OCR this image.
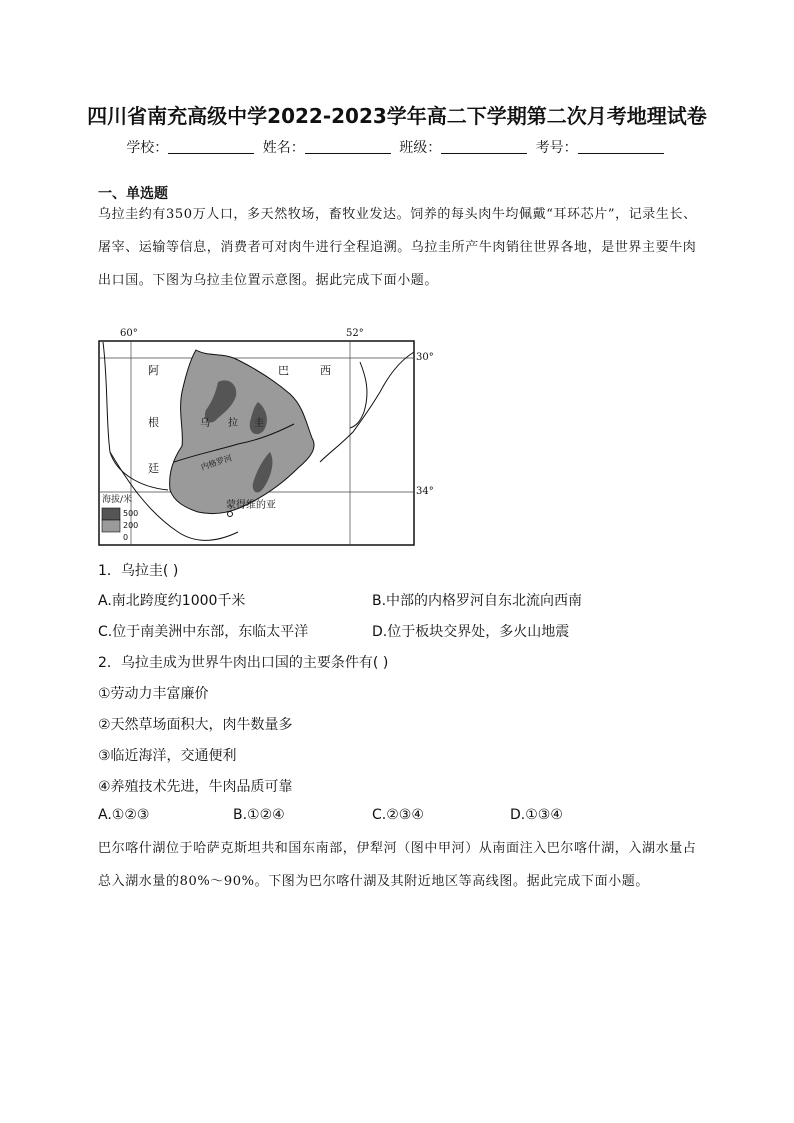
四川省南充高级中学2022-2023学年高二下学期第二次月考地理试卷
学校：	姓名：	班级：	考号：
一、单选题
乌拉圭约有350万人口，多天然牧场，畜牧业发达。饲养的每头肉牛均佩戴“耳环芯片”，记录生长、屠宰、运输等信息，消费者可对肉牛进行全程追溯。乌拉圭所产牛肉销往世界各地，是世界主要牛肉出口国。下图为乌拉圭位置示意图。据此完成下面小题。
60°	52°
30°
34°
阿
根
廷
巴	西
乌 拉 圭
内格罗河
蒙得维的亚
海拔/米
500
200
0
1．乌拉圭( )
A.南北跨度约1000千米	B.中部的内格罗河自东北流向西南
C.位于南美洲中东部，东临太平洋	D.位于板块交界处，多火山地震
2．乌拉圭成为世界牛肉出口国的主要条件有( )
①劳动力丰富廉价
②天然草场面积大，肉牛数量多
③临近海洋，交通便利
④养殖技术先进，牛肉品质可靠
A.①②③	B.①②④	C.②③④	D.①③④
巴尔喀什湖位于哈萨克斯坦共和国东南部，伊犁河（图中甲河）从南面注入巴尔喀什湖，入湖水量占总入湖水量的80%～90%。下图为巴尔喀什湖及其附近地区等高线图。据此完成下面小题。
